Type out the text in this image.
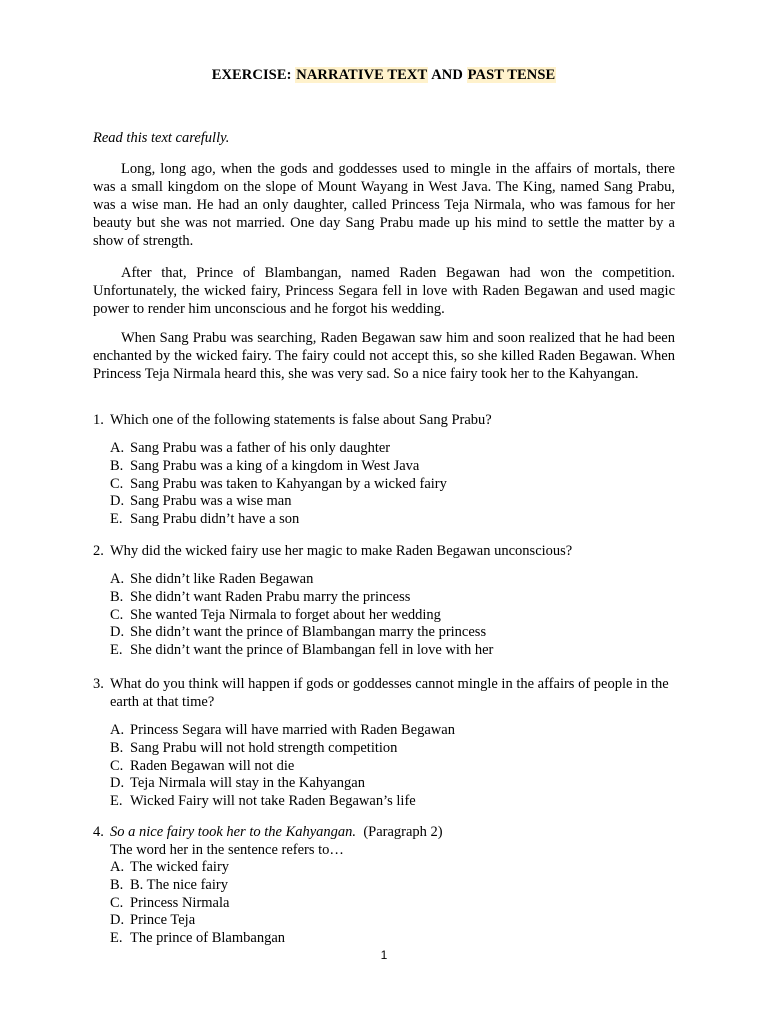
EXERCISE: NARRATIVE TEXT AND PAST TENSE
Read this text carefully.
Long, long ago, when the gods and goddesses used to mingle in the affairs of mortals, there was a small kingdom on the slope of Mount Wayang in West Java. The King, named Sang Prabu, was a wise man. He had an only daughter, called Princess Teja Nirmala, who was famous for her beauty but she was not married. One day Sang Prabu made up his mind to settle the matter by a show of strength.
After that, Prince of Blambangan, named Raden Begawan had won the competition. Unfortunately, the wicked fairy, Princess Segara fell in love with Raden Begawan and used magic power to render him unconscious and he forgot his wedding.
When Sang Prabu was searching, Raden Begawan saw him and soon realized that he had been enchanted by the wicked fairy. The fairy could not accept this, so she killed Raden Begawan. When Princess Teja Nirmala heard this, she was very sad. So a nice fairy took her to the Kahyangan.
1. Which one of the following statements is false about Sang Prabu?
A. Sang Prabu was a father of his only daughter
B. Sang Prabu was a king of a kingdom in West Java
C. Sang Prabu was taken to Kahyangan by a wicked fairy
D. Sang Prabu was a wise man
E. Sang Prabu didn’t have a son
2. Why did the wicked fairy use her magic to make Raden Begawan unconscious?
A. She didn’t like Raden Begawan
B. She didn’t want Raden Prabu marry the princess
C. She wanted Teja Nirmala to forget about her wedding
D. She didn’t want the prince of Blambangan marry the princess
E. She didn’t want the prince of Blambangan fell in love with her
3. What do you think will happen if gods or goddesses cannot mingle in the affairs of people in the earth at that time?
A. Princess Segara will have married with Raden Begawan
B. Sang Prabu will not hold strength competition
C. Raden Begawan will not die
D. Teja Nirmala will stay in the Kahyangan
E. Wicked Fairy will not take Raden Begawan’s life
4. So a nice fairy took her to the Kahyangan. (Paragraph 2)
The word her in the sentence refers to…
A. The wicked fairy
B. B. The nice fairy
C. Princess Nirmala
D. Prince Teja
E. The prince of Blambangan
1
